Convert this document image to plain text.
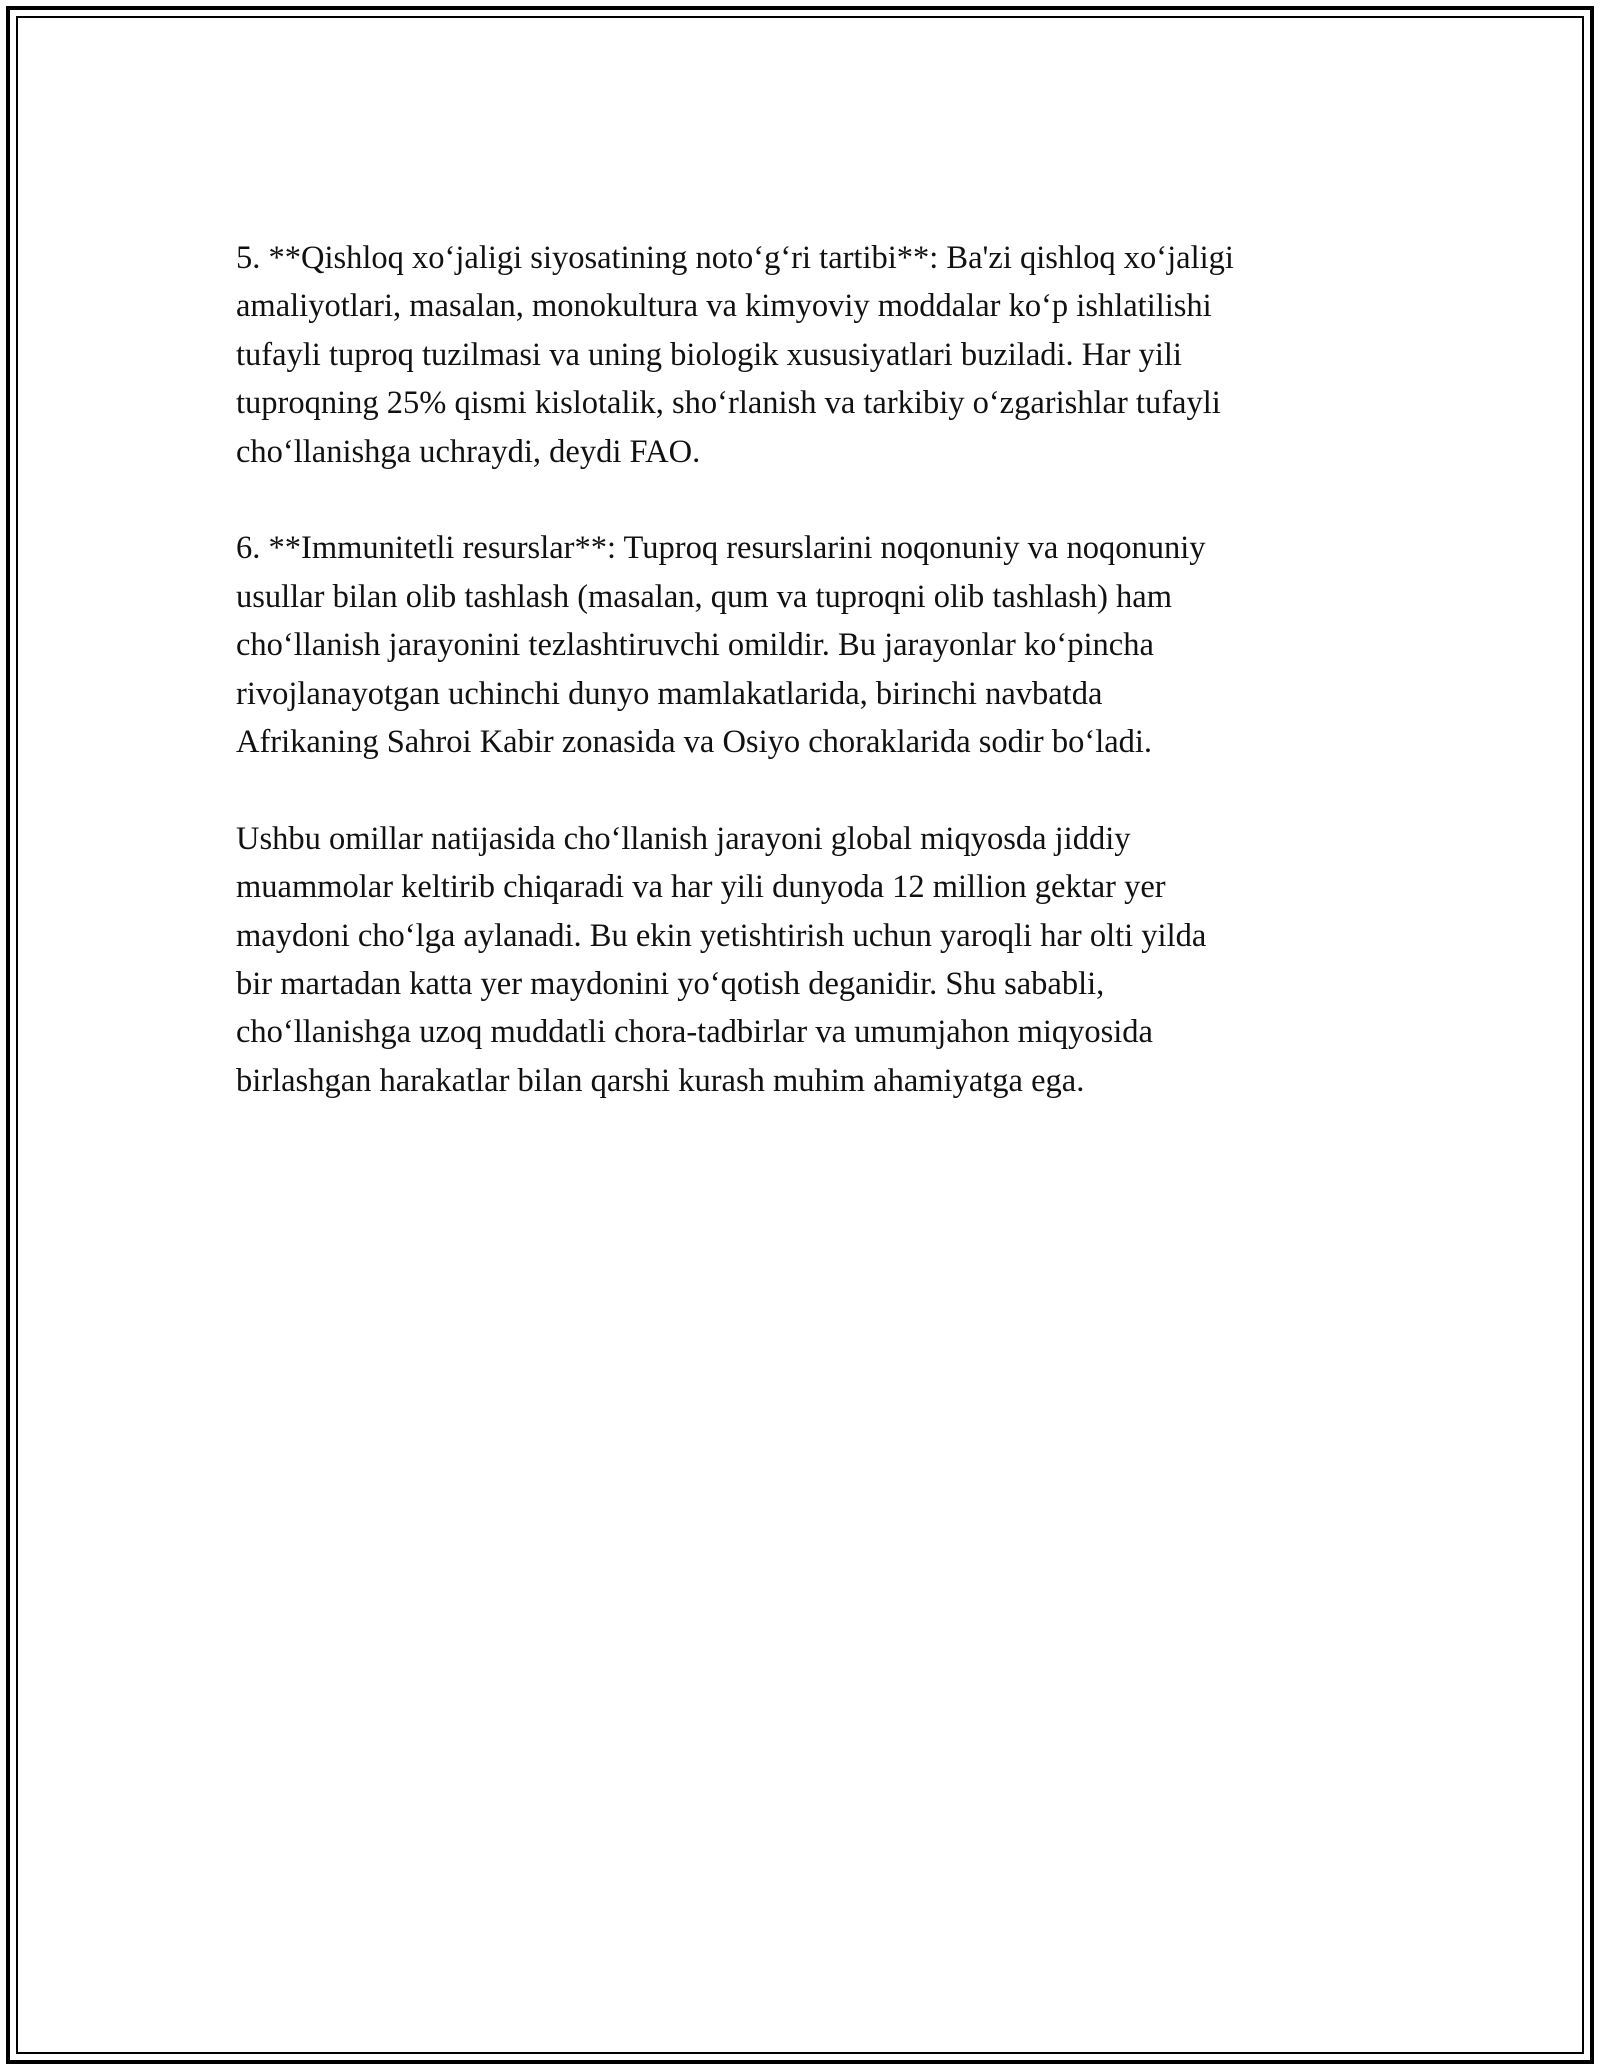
5. **Qishloq xo‘jaligi siyosatining noto‘g‘ri tartibi**: Ba'zi qishloq xo‘jaligi
amaliyotlari, masalan, monokultura va kimyoviy moddalar ko‘p ishlatilishi
tufayli tuproq tuzilmasi va uning biologik xususiyatlari buziladi. Har yili
tuproqning 25% qismi kislotalik, sho‘rlanish va tarkibiy o‘zgarishlar tufayli
cho‘llanishga uchraydi, deydi FAO.

6. **Immunitetli resurslar**: Tuproq resurslarini noqonuniy va noqonuniy
usullar bilan olib tashlash (masalan, qum va tuproqni olib tashlash) ham
cho‘llanish jarayonini tezlashtiruvchi omildir. Bu jarayonlar ko‘pincha
rivojlanayotgan uchinchi dunyo mamlakatlarida, birinchi navbatda
Afrikaning Sahroi Kabir zonasida va Osiyo choraklarida sodir bo‘ladi.

Ushbu omillar natijasida cho‘llanish jarayoni global miqyosda jiddiy
muammolar keltirib chiqaradi va har yili dunyoda 12 million gektar yer
maydoni cho‘lga aylanadi. Bu ekin yetishtirish uchun yaroqli har olti yilda
bir martadan katta yer maydonini yo‘qotish deganidir. Shu sababli,
cho‘llanishga uzoq muddatli chora-tadbirlar va umumjahon miqyosida
birlashgan harakatlar bilan qarshi kurash muhim ahamiyatga ega.
